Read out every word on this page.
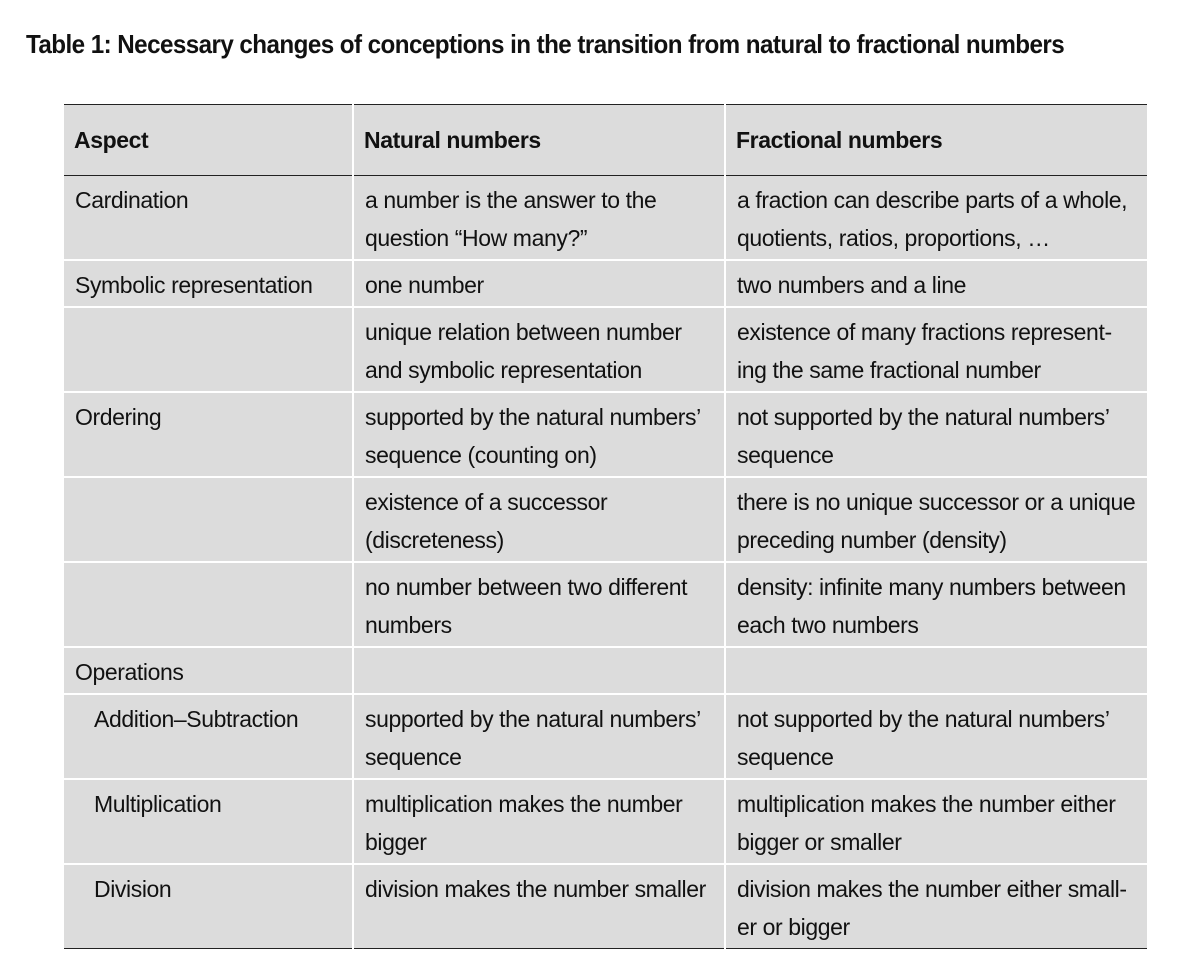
Table 1: Necessary changes of conceptions in the transition from natural to fractional numbers
Aspect	Natural numbers	Fractional numbers
Cardination	a number is the answer to the question “How many?”	a fraction can describe parts of a whole, quotients, ratios, proportions, …
Symbolic representation	one number	two numbers and a line
	unique relation between number and symbolic representation	existence of many fractions represent-ing the same fractional number
Ordering	supported by the natural numbers’ sequence (counting on)	not supported by the natural numbers’ sequence
	existence of a successor (discreteness)	there is no unique successor or a unique preceding number (density)
	no number between two different numbers	density: infinite many numbers between each two numbers
Operations		
Addition–Subtraction	supported by the natural numbers’ sequence	not supported by the natural numbers’ sequence
Multiplication	multiplication makes the number bigger	multiplication makes the number either bigger or smaller
Division	division makes the number smaller	division makes the number either small-er or bigger
